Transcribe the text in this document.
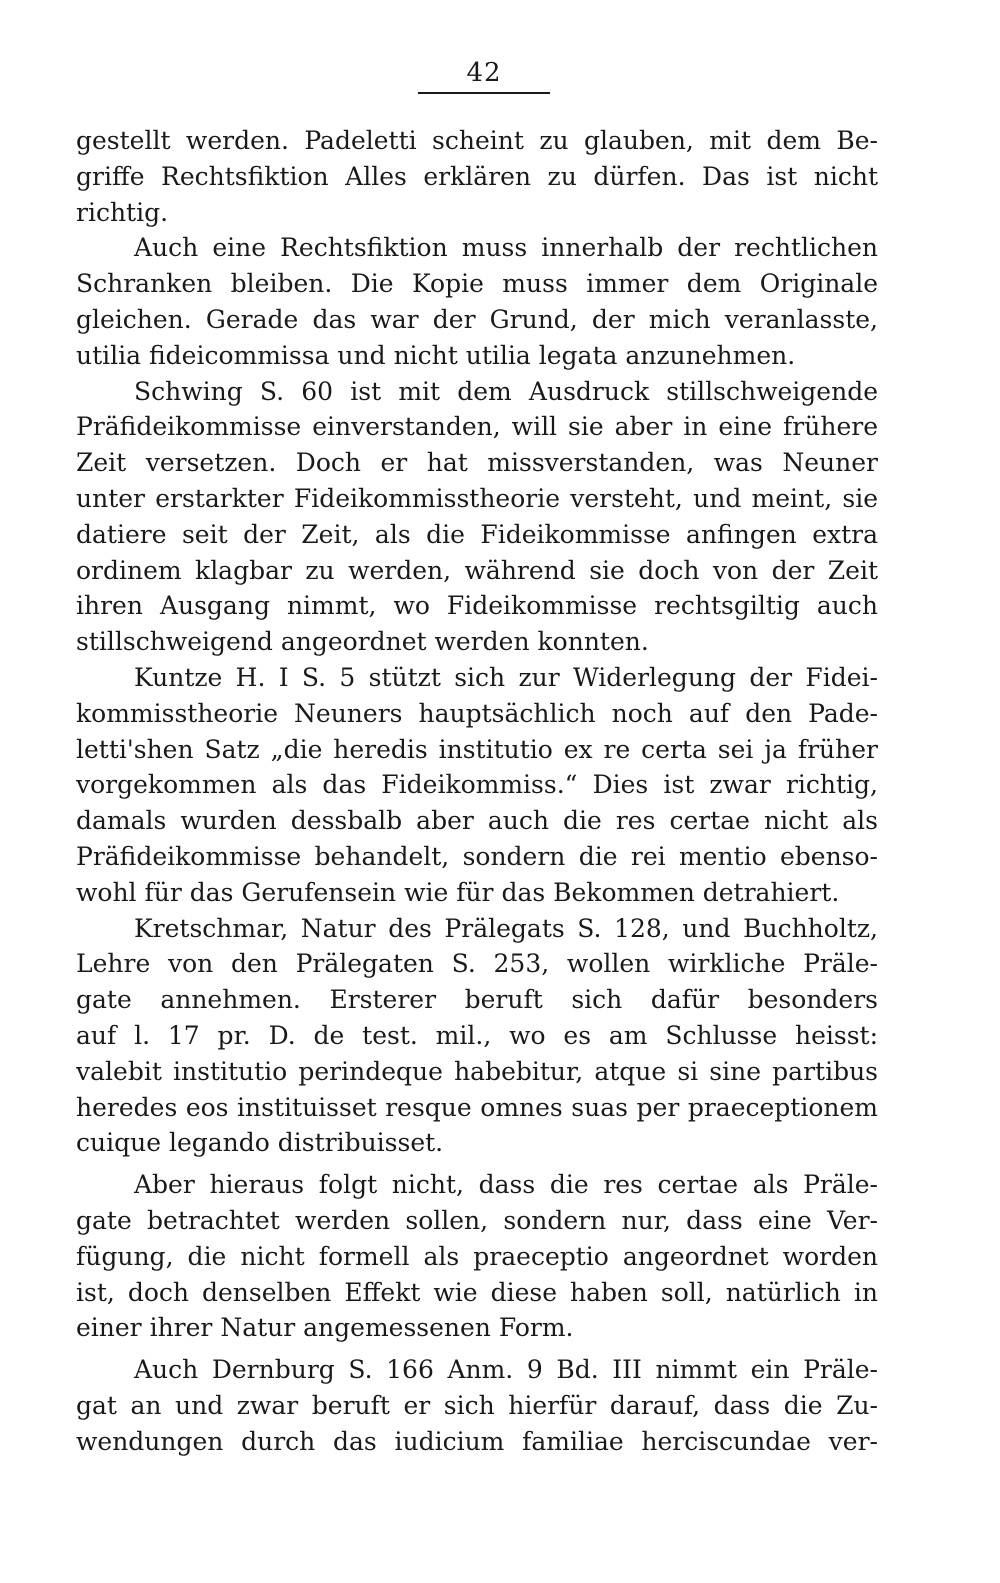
42
gestellt werden. Padeletti scheint zu glauben, mit dem Be-
griffe Rechtsfiktion Alles erklären zu dürfen. Das ist nicht
richtig.
Auch eine Rechtsfiktion muss innerhalb der rechtlichen
Schranken bleiben. Die Kopie muss immer dem Originale
gleichen. Gerade das war der Grund, der mich veranlasste,
utilia fideicommissa und nicht utilia legata anzunehmen.
Schwing S. 60 ist mit dem Ausdruck stillschweigende
Präfideikommisse einverstanden, will sie aber in eine frühere
Zeit versetzen. Doch er hat missverstanden, was Neuner
unter erstarkter Fideikommisstheorie versteht, und meint, sie
datiere seit der Zeit, als die Fideikommisse anfingen extra
ordinem klagbar zu werden, während sie doch von der Zeit
ihren Ausgang nimmt, wo Fideikommisse rechtsgiltig auch
stillschweigend angeordnet werden konnten.
Kuntze H. I S. 5 stützt sich zur Widerlegung der Fidei-
kommisstheorie Neuners hauptsächlich noch auf den Pade-
letti'shen Satz „die heredis institutio ex re certa sei ja früher
vorgekommen als das Fideikommiss.“ Dies ist zwar richtig,
damals wurden dessbalb aber auch die res certae nicht als
Präfideikommisse behandelt, sondern die rei mentio ebenso-
wohl für das Gerufensein wie für das Bekommen detrahiert.
Kretschmar, Natur des Prälegats S. 128, und Buchholtz,
Lehre von den Prälegaten S. 253, wollen wirkliche Präle-
gate annehmen. Ersterer beruft sich dafür besonders
auf l. 17 pr. D. de test. mil., wo es am Schlusse heisst:
valebit institutio perindeque habebitur, atque si sine partibus
heredes eos instituisset resque omnes suas per praeceptionem
cuique legando distribuisset.
Aber hieraus folgt nicht, dass die res certae als Präle-
gate betrachtet werden sollen, sondern nur, dass eine Ver-
fügung, die nicht formell als praeceptio angeordnet worden
ist, doch denselben Effekt wie diese haben soll, natürlich in
einer ihrer Natur angemessenen Form.
Auch Dernburg S. 166 Anm. 9 Bd. III nimmt ein Präle-
gat an und zwar beruft er sich hierfür darauf, dass die Zu-
wendungen durch das iudicium familiae herciscundae ver-
